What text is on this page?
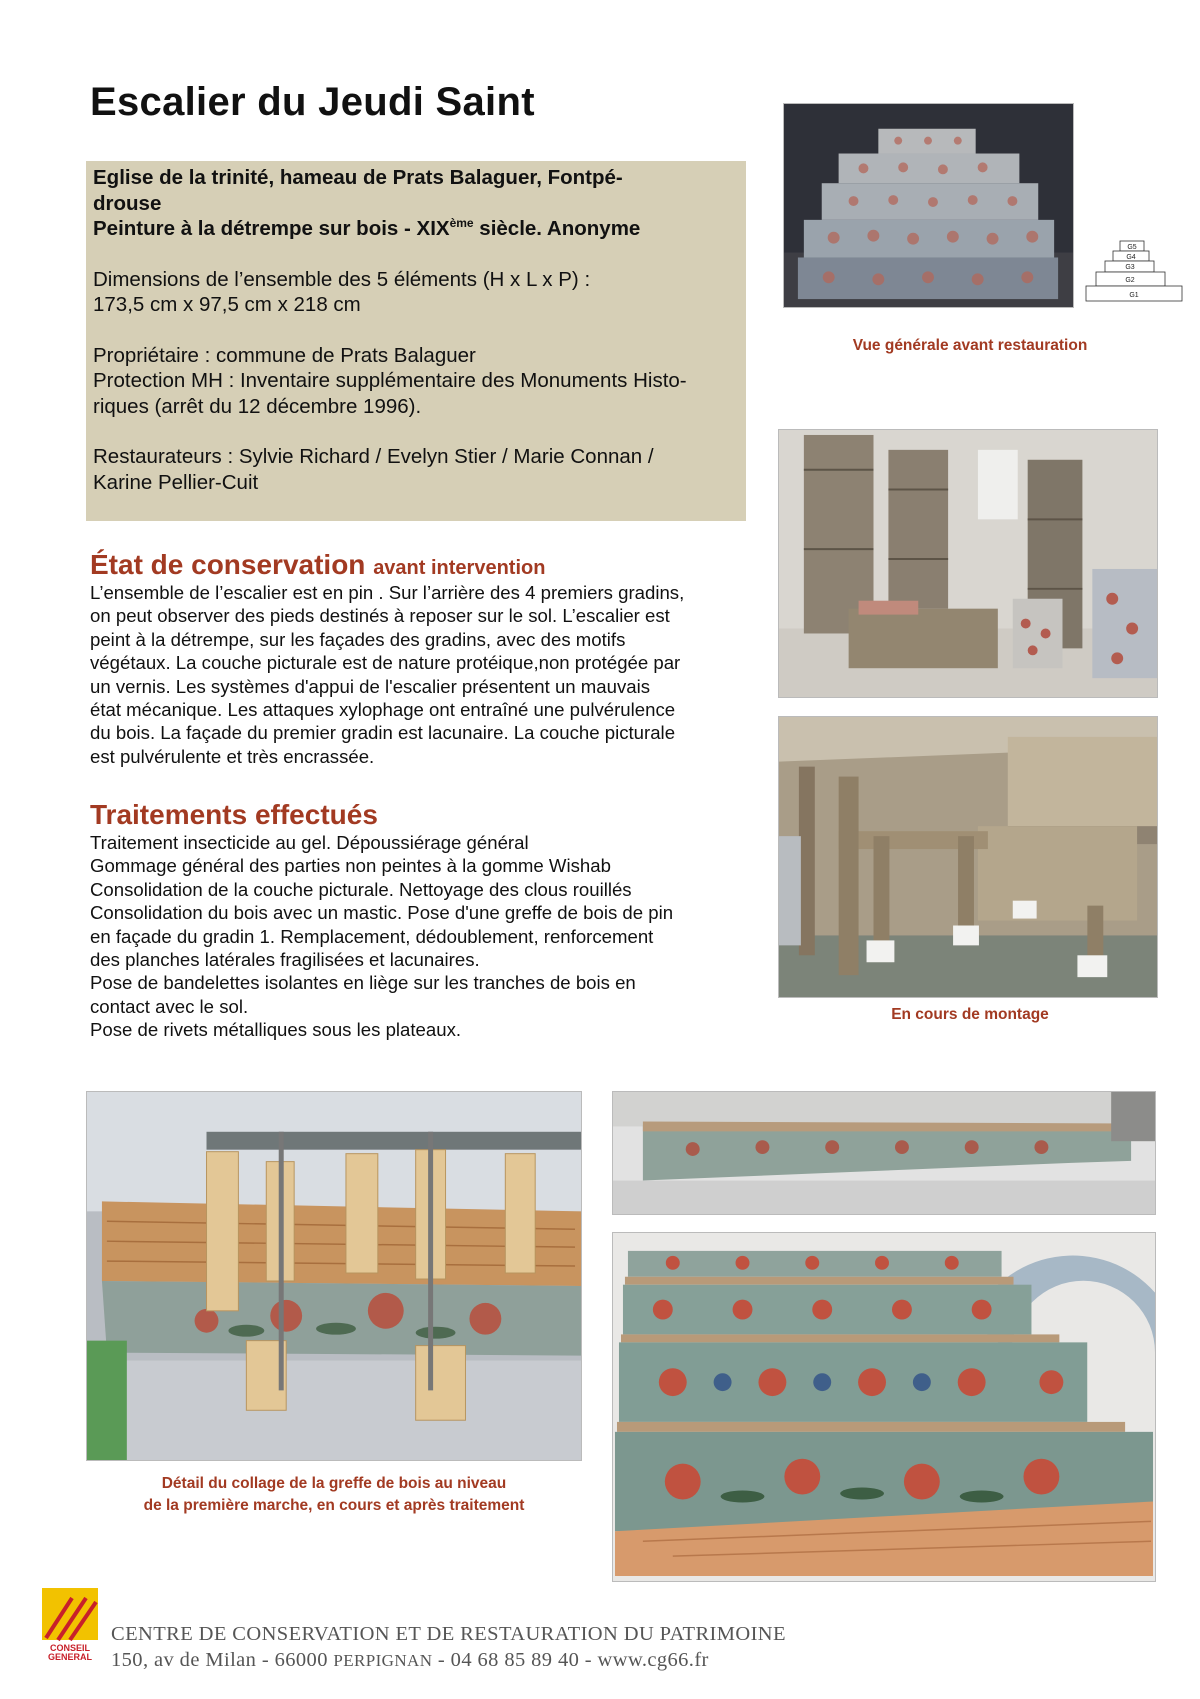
Escalier du Jeudi Saint
Eglise de la trinité, hameau de Prats Balaguer, Fontpé-
drouse
Peinture à la détrempe sur bois - XIXème siècle. Anonyme
Dimensions de l’ensemble des 5 éléments (H x L x P) :
173,5 cm x 97,5 cm x 218 cm
Propriétaire : commune de Prats Balaguer
Protection MH : Inventaire supplémentaire des Monuments Histo-
riques (arrêt du 12 décembre 1996).
Restaurateurs : Sylvie Richard / Evelyn Stier / Marie Connan /
Karine Pellier-Cuit
État de conservation avant intervention
L’ensemble de l’escalier est en pin . Sur l’arrière des 4 premiers gradins,
on peut observer des pieds destinés à reposer sur le sol. L’escalier est
peint à la détrempe, sur les façades des gradins, avec des motifs
végétaux. La couche picturale est de nature protéique,non protégée par
un vernis. Les systèmes d'appui de l'escalier présentent un mauvais
état mécanique. Les attaques xylophage ont entraîné une pulvérulence
du bois. La façade du premier gradin est lacunaire. La couche picturale
est pulvérulente et très encrassée.
Traitements effectués
Traitement insecticide au gel. Dépoussiérage général
Gommage général des parties non peintes à la gomme Wishab
Consolidation de la couche picturale. Nettoyage des clous rouillés
Consolidation du bois avec un mastic. Pose d'une greffe de bois de pin
en façade du gradin 1. Remplacement, dédoublement, renforcement
des planches latérales fragilisées et lacunaires.
Pose de bandelettes isolantes en liège sur les tranches de bois en
contact avec le sol.
Pose de rivets métalliques sous les plateaux.
G5
G4
G3
G2
G1
Vue générale avant restauration
En cours de montage
Détail du collage de la greffe de bois au niveau
de la première marche, en cours et après traitement
CONSEIL
GENERAL
CENTRE DE CONSERVATION ET DE RESTAURATION DU PATRIMOINE
150, av de Milan - 66000 PERPIGNAN - 04 68 85 89 40 - www.cg66.fr
